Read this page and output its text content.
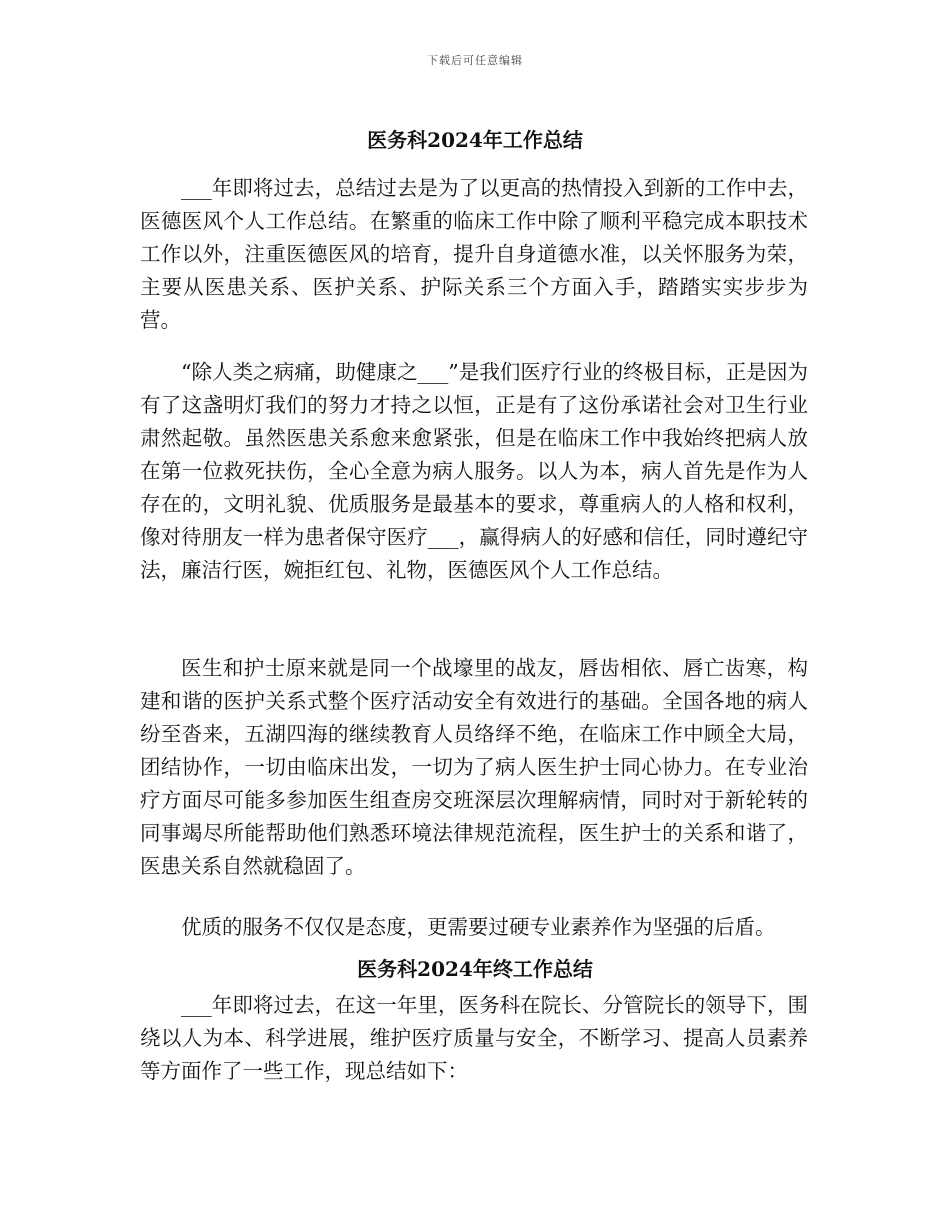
下载后可任意编辑
医务科2024年工作总结

___年即将过去，总结过去是为了以更高的热情投入到新的工作中去，医德医风个人工作总结。在繁重的临床工作中除了顺利平稳完成本职技术工作以外，注重医德医风的培育，提升自身道德水准，以关怀服务为荣，主要从医患关系、医护关系、护际关系三个方面入手，踏踏实实步步为营。

“除人类之病痛，助健康之___”是我们医疗行业的终极目标，正是因为有了这盏明灯我们的努力才持之以恒，正是有了这份承诺社会对卫生行业肃然起敬。虽然医患关系愈来愈紧张，但是在临床工作中我始终把病人放在第一位救死扶伤，全心全意为病人服务。以人为本，病人首先是作为人存在的，文明礼貌、优质服务是最基本的要求，尊重病人的人格和权利，像对待朋友一样为患者保守医疗___，赢得病人的好感和信任，同时遵纪守法，廉洁行医，婉拒红包、礼物，医德医风个人工作总结。

医生和护士原来就是同一个战壕里的战友，唇齿相依、唇亡齿寒，构建和谐的医护关系式整个医疗活动安全有效进行的基础。全国各地的病人纷至沓来，五湖四海的继续教育人员络绎不绝，在临床工作中顾全大局，团结协作，一切由临床出发，一切为了病人医生护士同心协力。在专业治疗方面尽可能多参加医生组查房交班深层次理解病情，同时对于新轮转的同事竭尽所能帮助他们熟悉环境法律规范流程，医生护士的关系和谐了，医患关系自然就稳固了。

优质的服务不仅仅是态度，更需要过硬专业素养作为坚强的后盾。

医务科2024年终工作总结

___年即将过去，在这一年里，医务科在院长、分管院长的领导下，围绕以人为本、科学进展，维护医疗质量与安全，不断学习、提高人员素养等方面作了一些工作，现总结如下：
